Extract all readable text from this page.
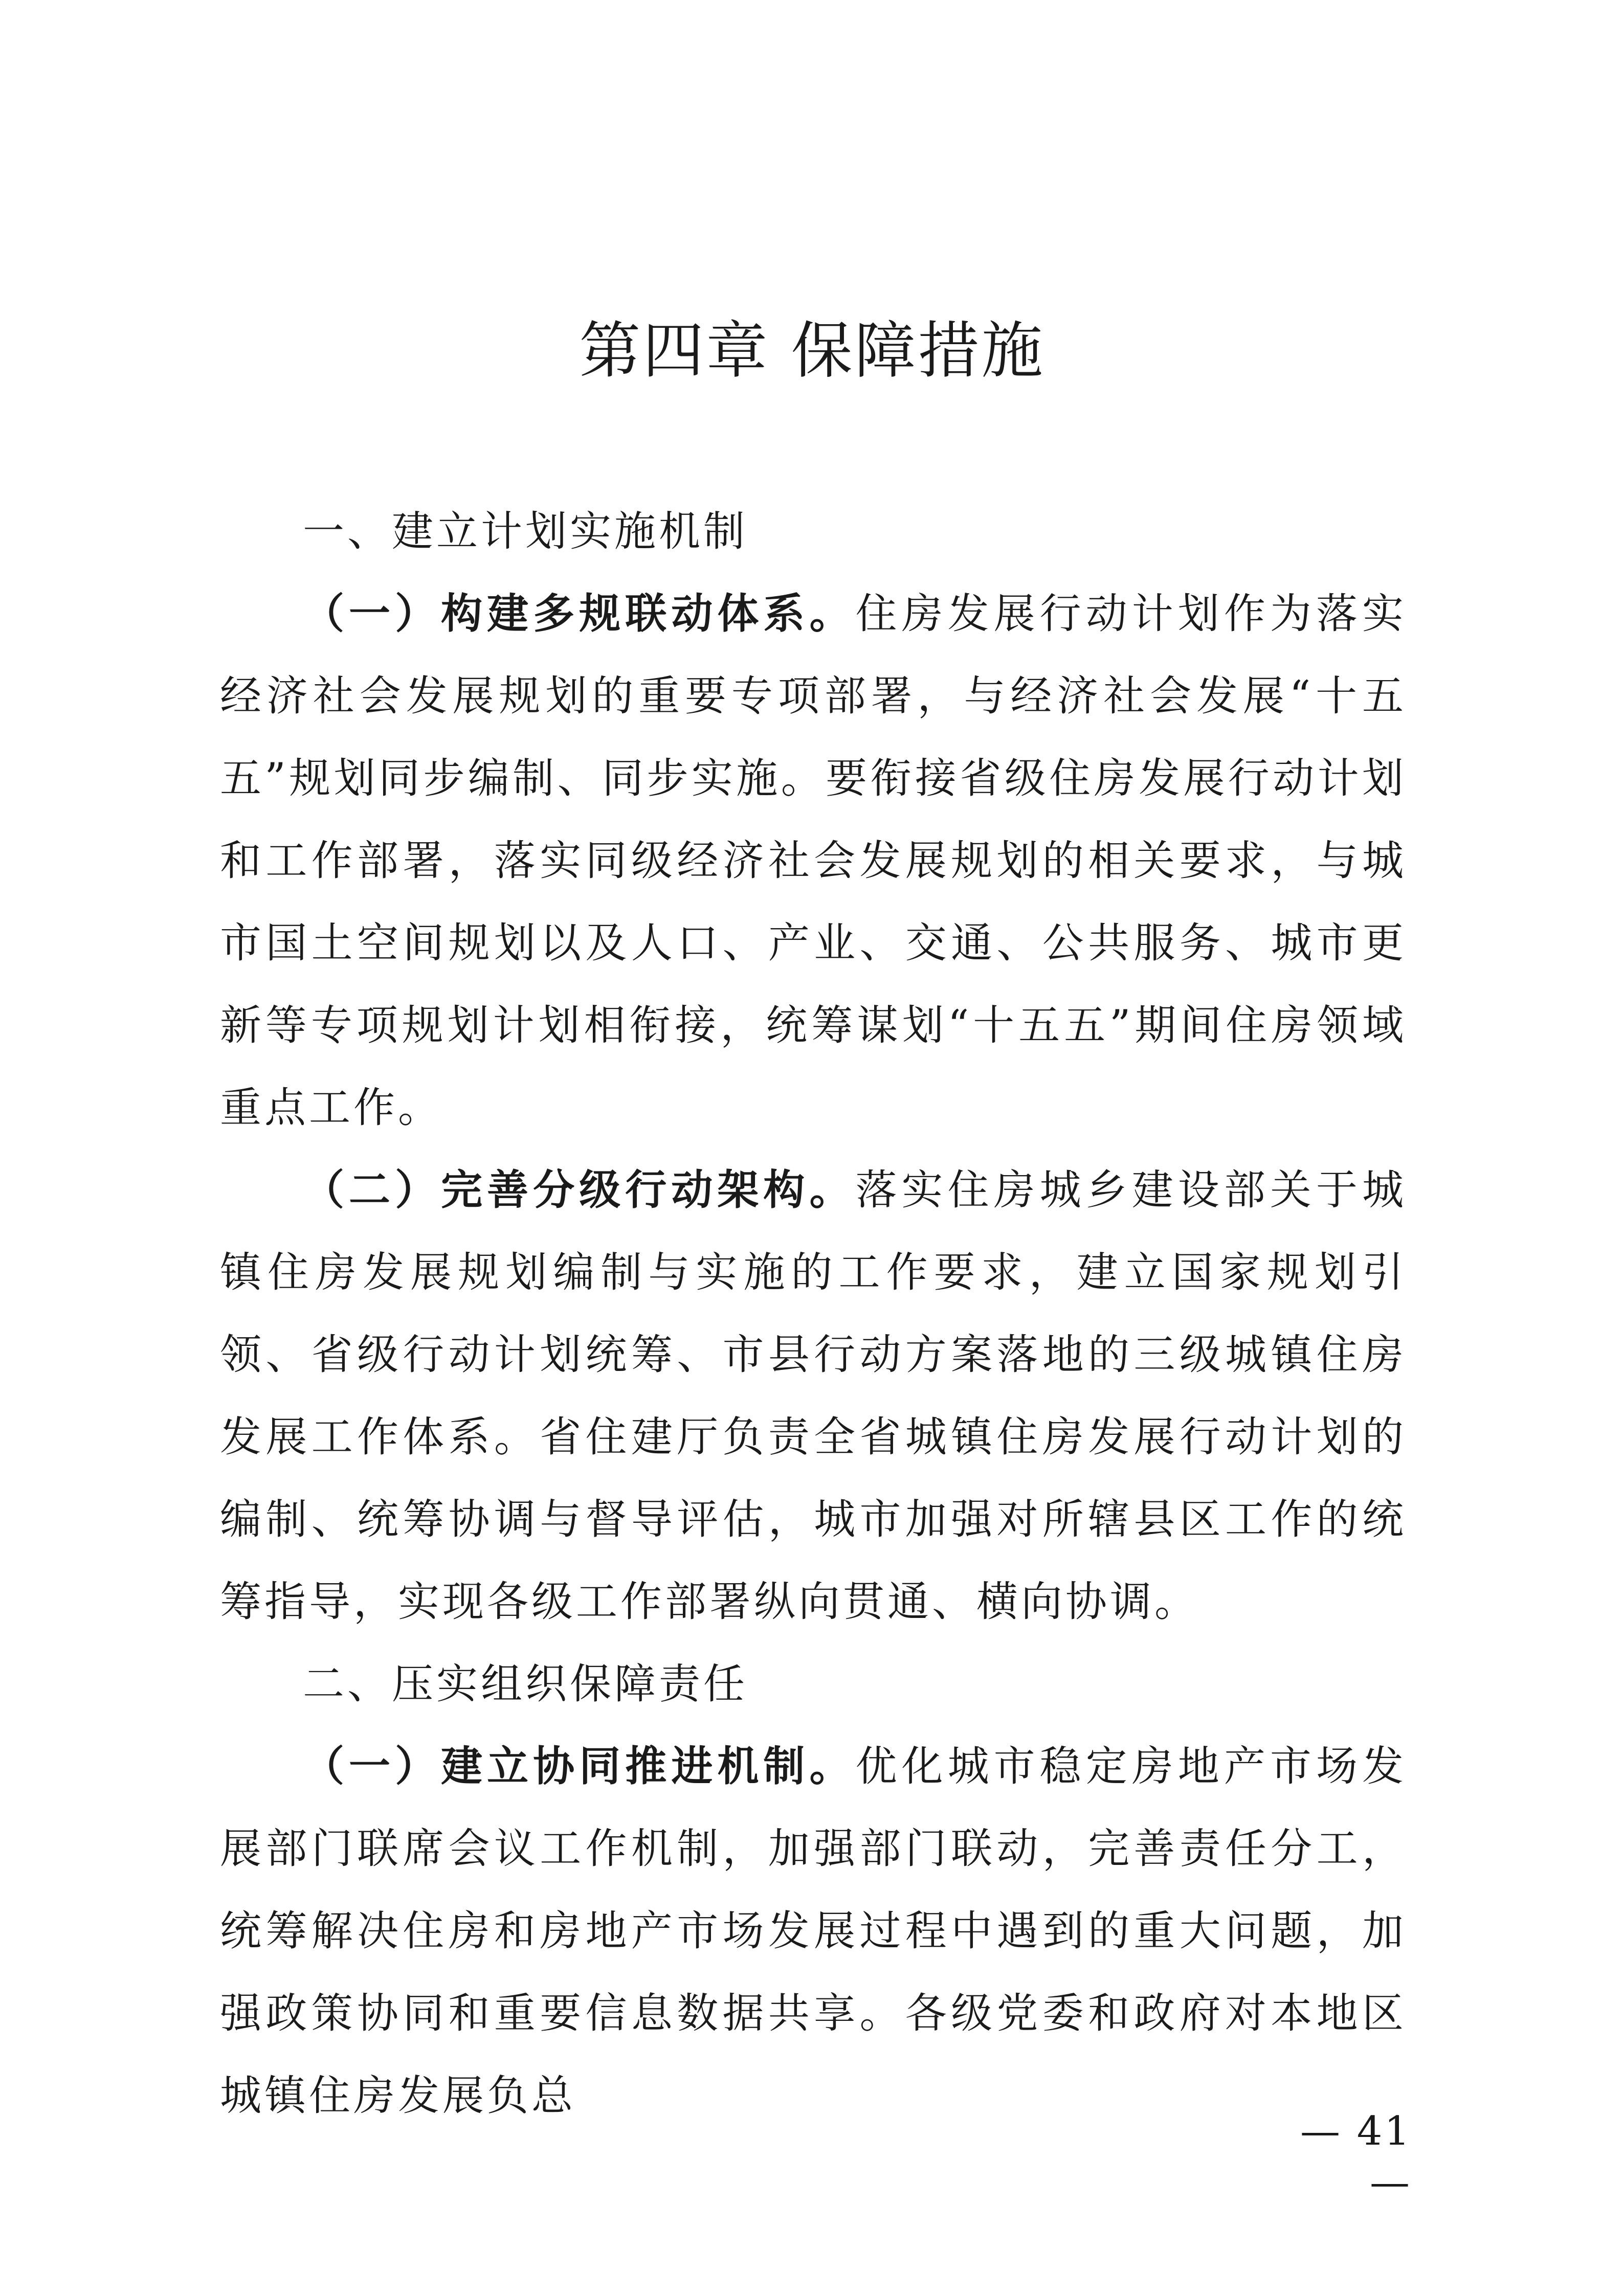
第四章 保障措施

一、建立计划实施机制

（一）构建多规联动体系。住房发展行动计划作为落实经济社会发展规划的重要专项部署，与经济社会发展“十五五”规划同步编制、同步实施。要衔接省级住房发展行动计划和工作部署，落实同级经济社会发展规划的相关要求，与城市国土空间规划以及人口、产业、交通、公共服务、城市更新等专项规划计划相衔接，统筹谋划“十五五”期间住房领域重点工作。

（二）完善分级行动架构。落实住房城乡建设部关于城镇住房发展规划编制与实施的工作要求，建立国家规划引领、省级行动计划统筹、市县行动方案落地的三级城镇住房发展工作体系。省住建厅负责全省城镇住房发展行动计划的编制、统筹协调与督导评估，城市加强对所辖县区工作的统筹指导，实现各级工作部署纵向贯通、横向协调。

二、压实组织保障责任

（一）建立协同推进机制。优化城市稳定房地产市场发展部门联席会议工作机制，加强部门联动，完善责任分工，统筹解决住房和房地产市场发展过程中遇到的重大问题，加强政策协同和重要信息数据共享。各级党委和政府对本地区城镇住房发展负总

— 41 —
